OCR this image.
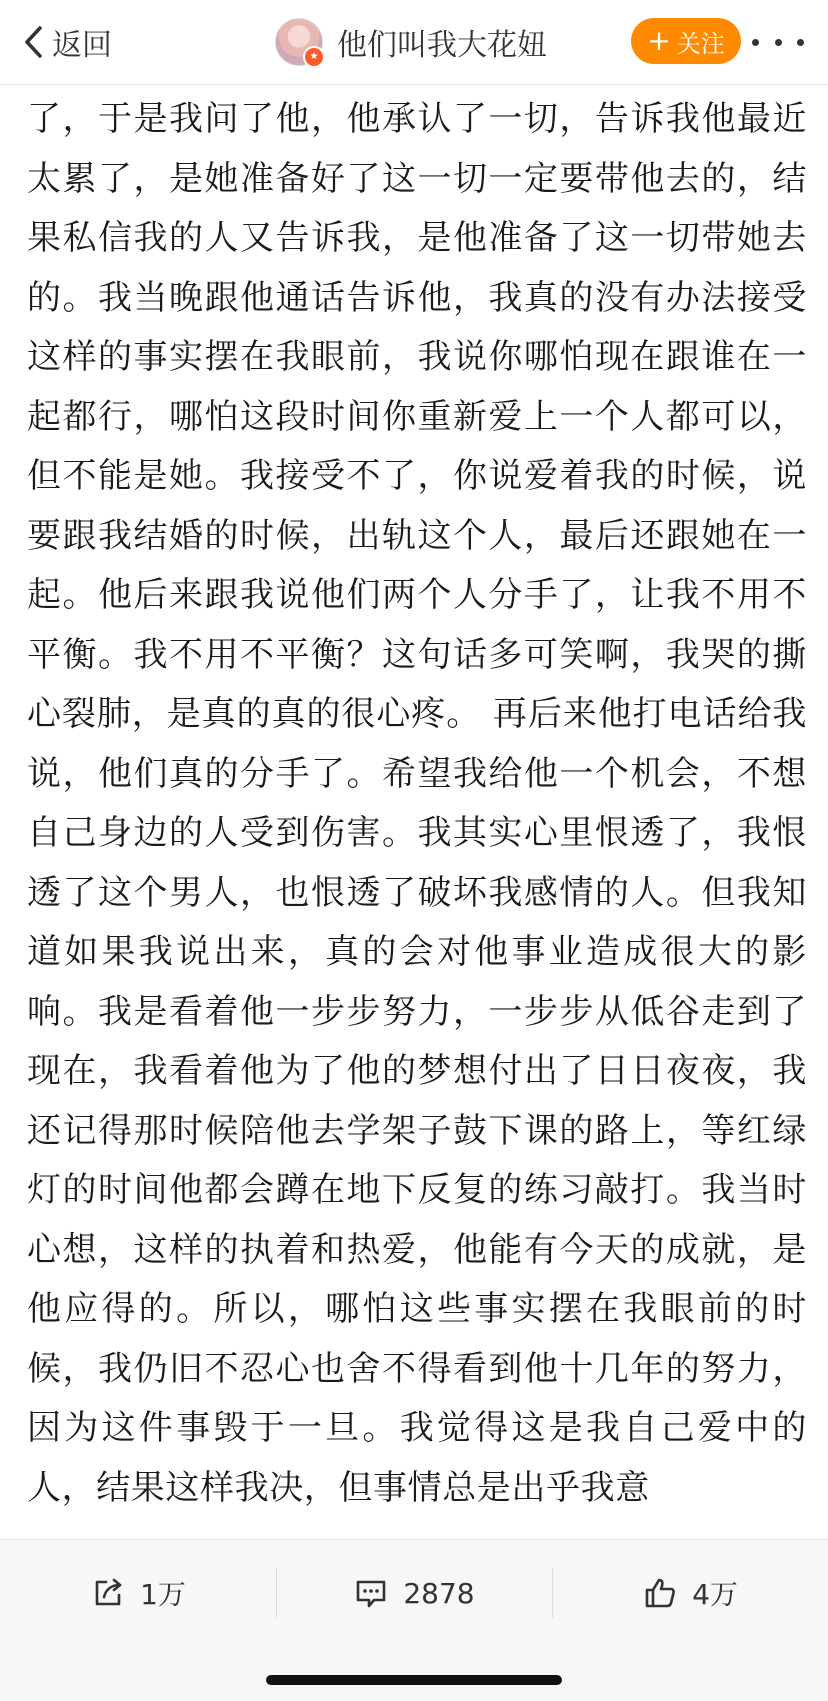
返回	★ 他们叫我大花妞	+ 关注

了，于是我问了他，他承认了一切，告诉我他最近太累了，是她准备好了这一切一定要带他去的，结果私信我的人又告诉我，是他准备了这一切带她去的。我当晚跟他通话告诉他，我真的没有办法接受这样的事实摆在我眼前，我说你哪怕现在跟谁在一起都行，哪怕这段时间你重新爱上一个人都可以，但不能是她。我接受不了，你说爱着我的时候，说要跟我结婚的时候，出轨这个人，最后还跟她在一起。他后来跟我说他们两个人分手了，让我不用不平衡。我不用不平衡？这句话多可笑啊，我哭的撕心裂肺，是真的真的很心疼。 再后来他打电话给我说，他们真的分手了。希望我给他一个机会，不想自己身边的人受到伤害。我其实心里恨透了，我恨透了这个男人，也恨透了破坏我感情的人。但我知道如果我说出来，真的会对他事业造成很大的影响。我是看着他一步步努力，一步步从低谷走到了现在，我看着他为了他的梦想付出了日日夜夜，我还记得那时候陪他去学架子鼓下课的路上，等红绿灯的时间他都会蹲在地下反复的练习敲打。我当时心想，这样的执着和热爱，他能有今天的成就，是他应得的。所以，哪怕这些事实摆在我眼前的时候，我仍旧不忍心也舍不得看到他十几年的努力，因为这件事毁于一旦。我觉得这是我自己爱中的人，结果这样我决，但事情总是出乎我意

1万	2878	4万
